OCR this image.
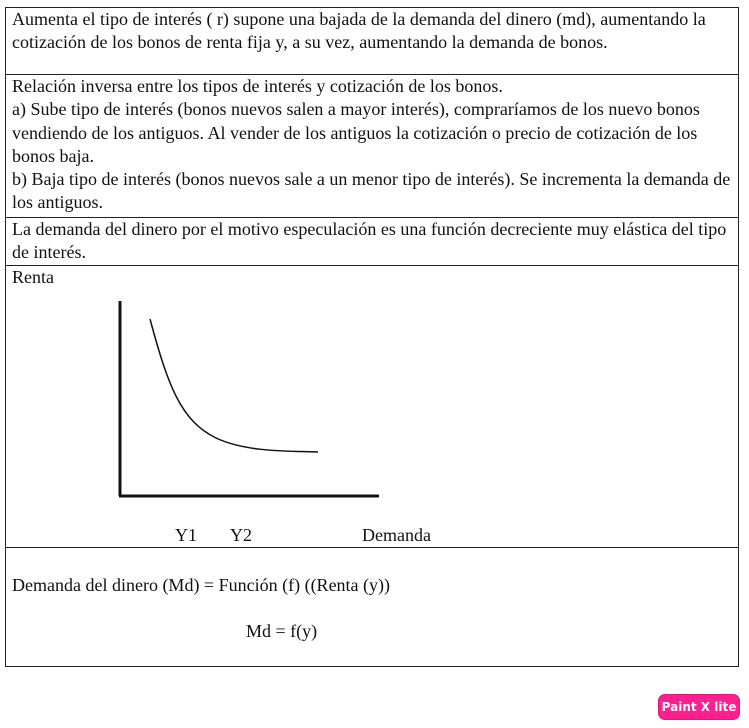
Aumenta el tipo de interés ( r) supone una bajada de la demanda del dinero (md), aumentando la cotización de los bonos de renta fija y, a su vez, aumentando la demanda de bonos.

Relación inversa entre los tipos de interés y cotización de los bonos.

a) Sube tipo de interés (bonos nuevos salen a mayor interés), compraríamos de los nuevo bonos vendiendo de los antiguos. Al vender de los antiguos la cotización o precio de cotización de los bonos baja.

b) Baja tipo de interés (bonos nuevos sale a un menor tipo de interés). Se incrementa la demanda de los antiguos.

La demanda del dinero por el motivo especulación es una función decreciente muy elástica del tipo de interés.

Renta
Y1 Y2	Demanda
Demanda del dinero (Md) = Función (f) ((Renta (y))
Md = f(y)
Paint X lite
